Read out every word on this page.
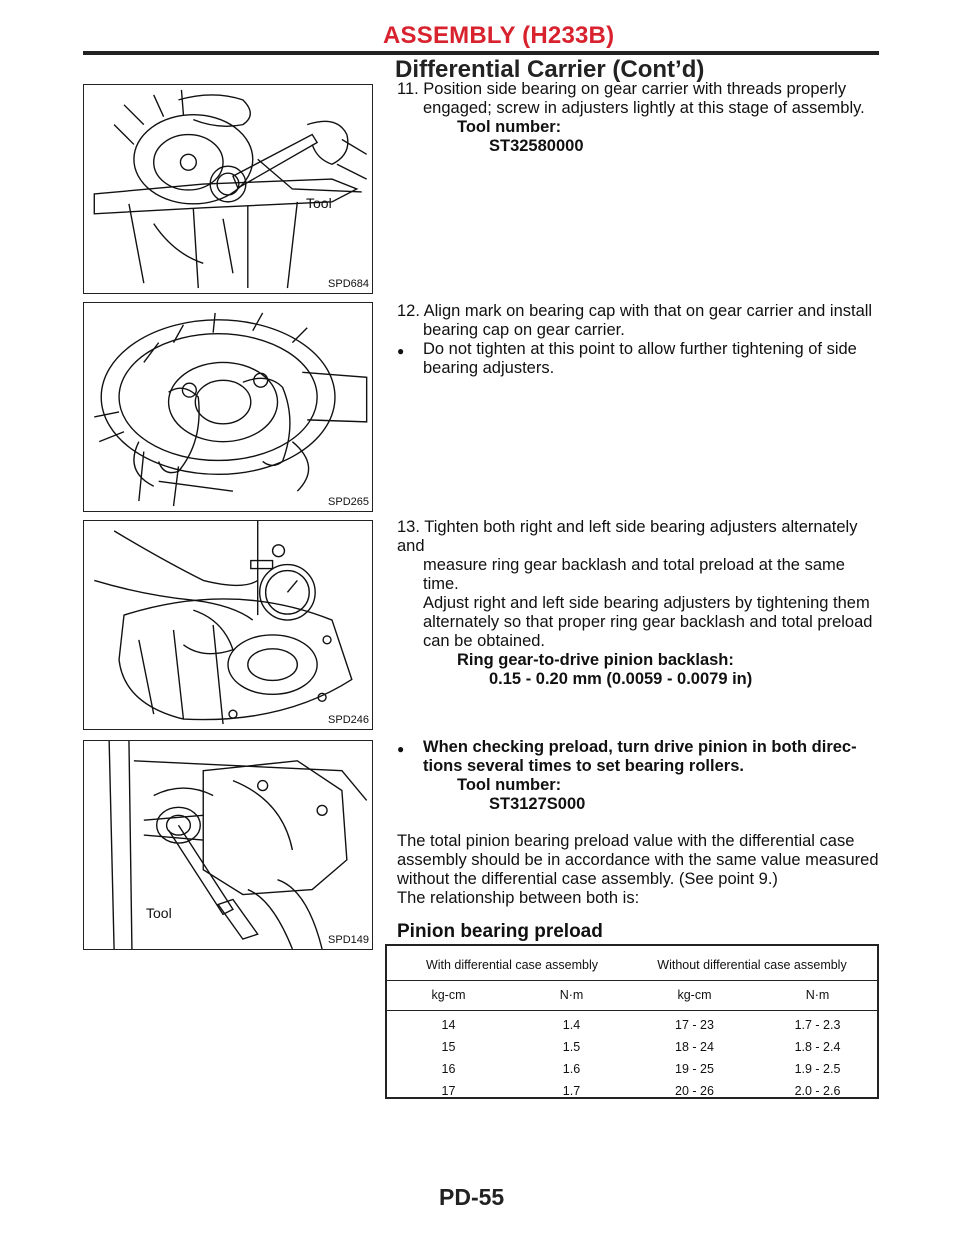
ASSEMBLY (H233B)
Differential Carrier (Cont’d)
Tool
SPD684
SPD265
SPD246
Tool
SPD149

11. Position side bearing on gear carrier with threads properly

engaged; screw in adjusters lightly at this stage of assembly.

Tool number:

ST32580000

12. Align mark on bearing cap with that on gear carrier and install

bearing cap on gear carrier.

● Do not tighten at this point to allow further tightening of side

bearing adjusters.

13. Tighten both right and left side bearing adjusters alternately and

measure ring gear backlash and total preload at the same time.

Adjust right and left side bearing adjusters by tightening them

alternately so that proper ring gear backlash and total preload

can be obtained.

Ring gear-to-drive pinion backlash:

0.15 - 0.20 mm (0.0059 - 0.0079 in)

● When checking preload, turn drive pinion in both direc-

tions several times to set bearing rollers.

Tool number:

ST3127S000

The total pinion bearing preload value with the differential case

assembly should be in accordance with the same value measured

without the differential case assembly. (See point 9.)

The relationship between both is:

Pinion bearing preload
With differential case assembly	Without differential case assembly
kg-cm	N·m	kg-cm	N·m
14	1.4	17 - 23	1.7 - 2.3
15	1.5	18 - 24	1.8 - 2.4
16	1.6	19 - 25	1.9 - 2.5
17	1.7	20 - 26	2.0 - 2.6
PD-55
